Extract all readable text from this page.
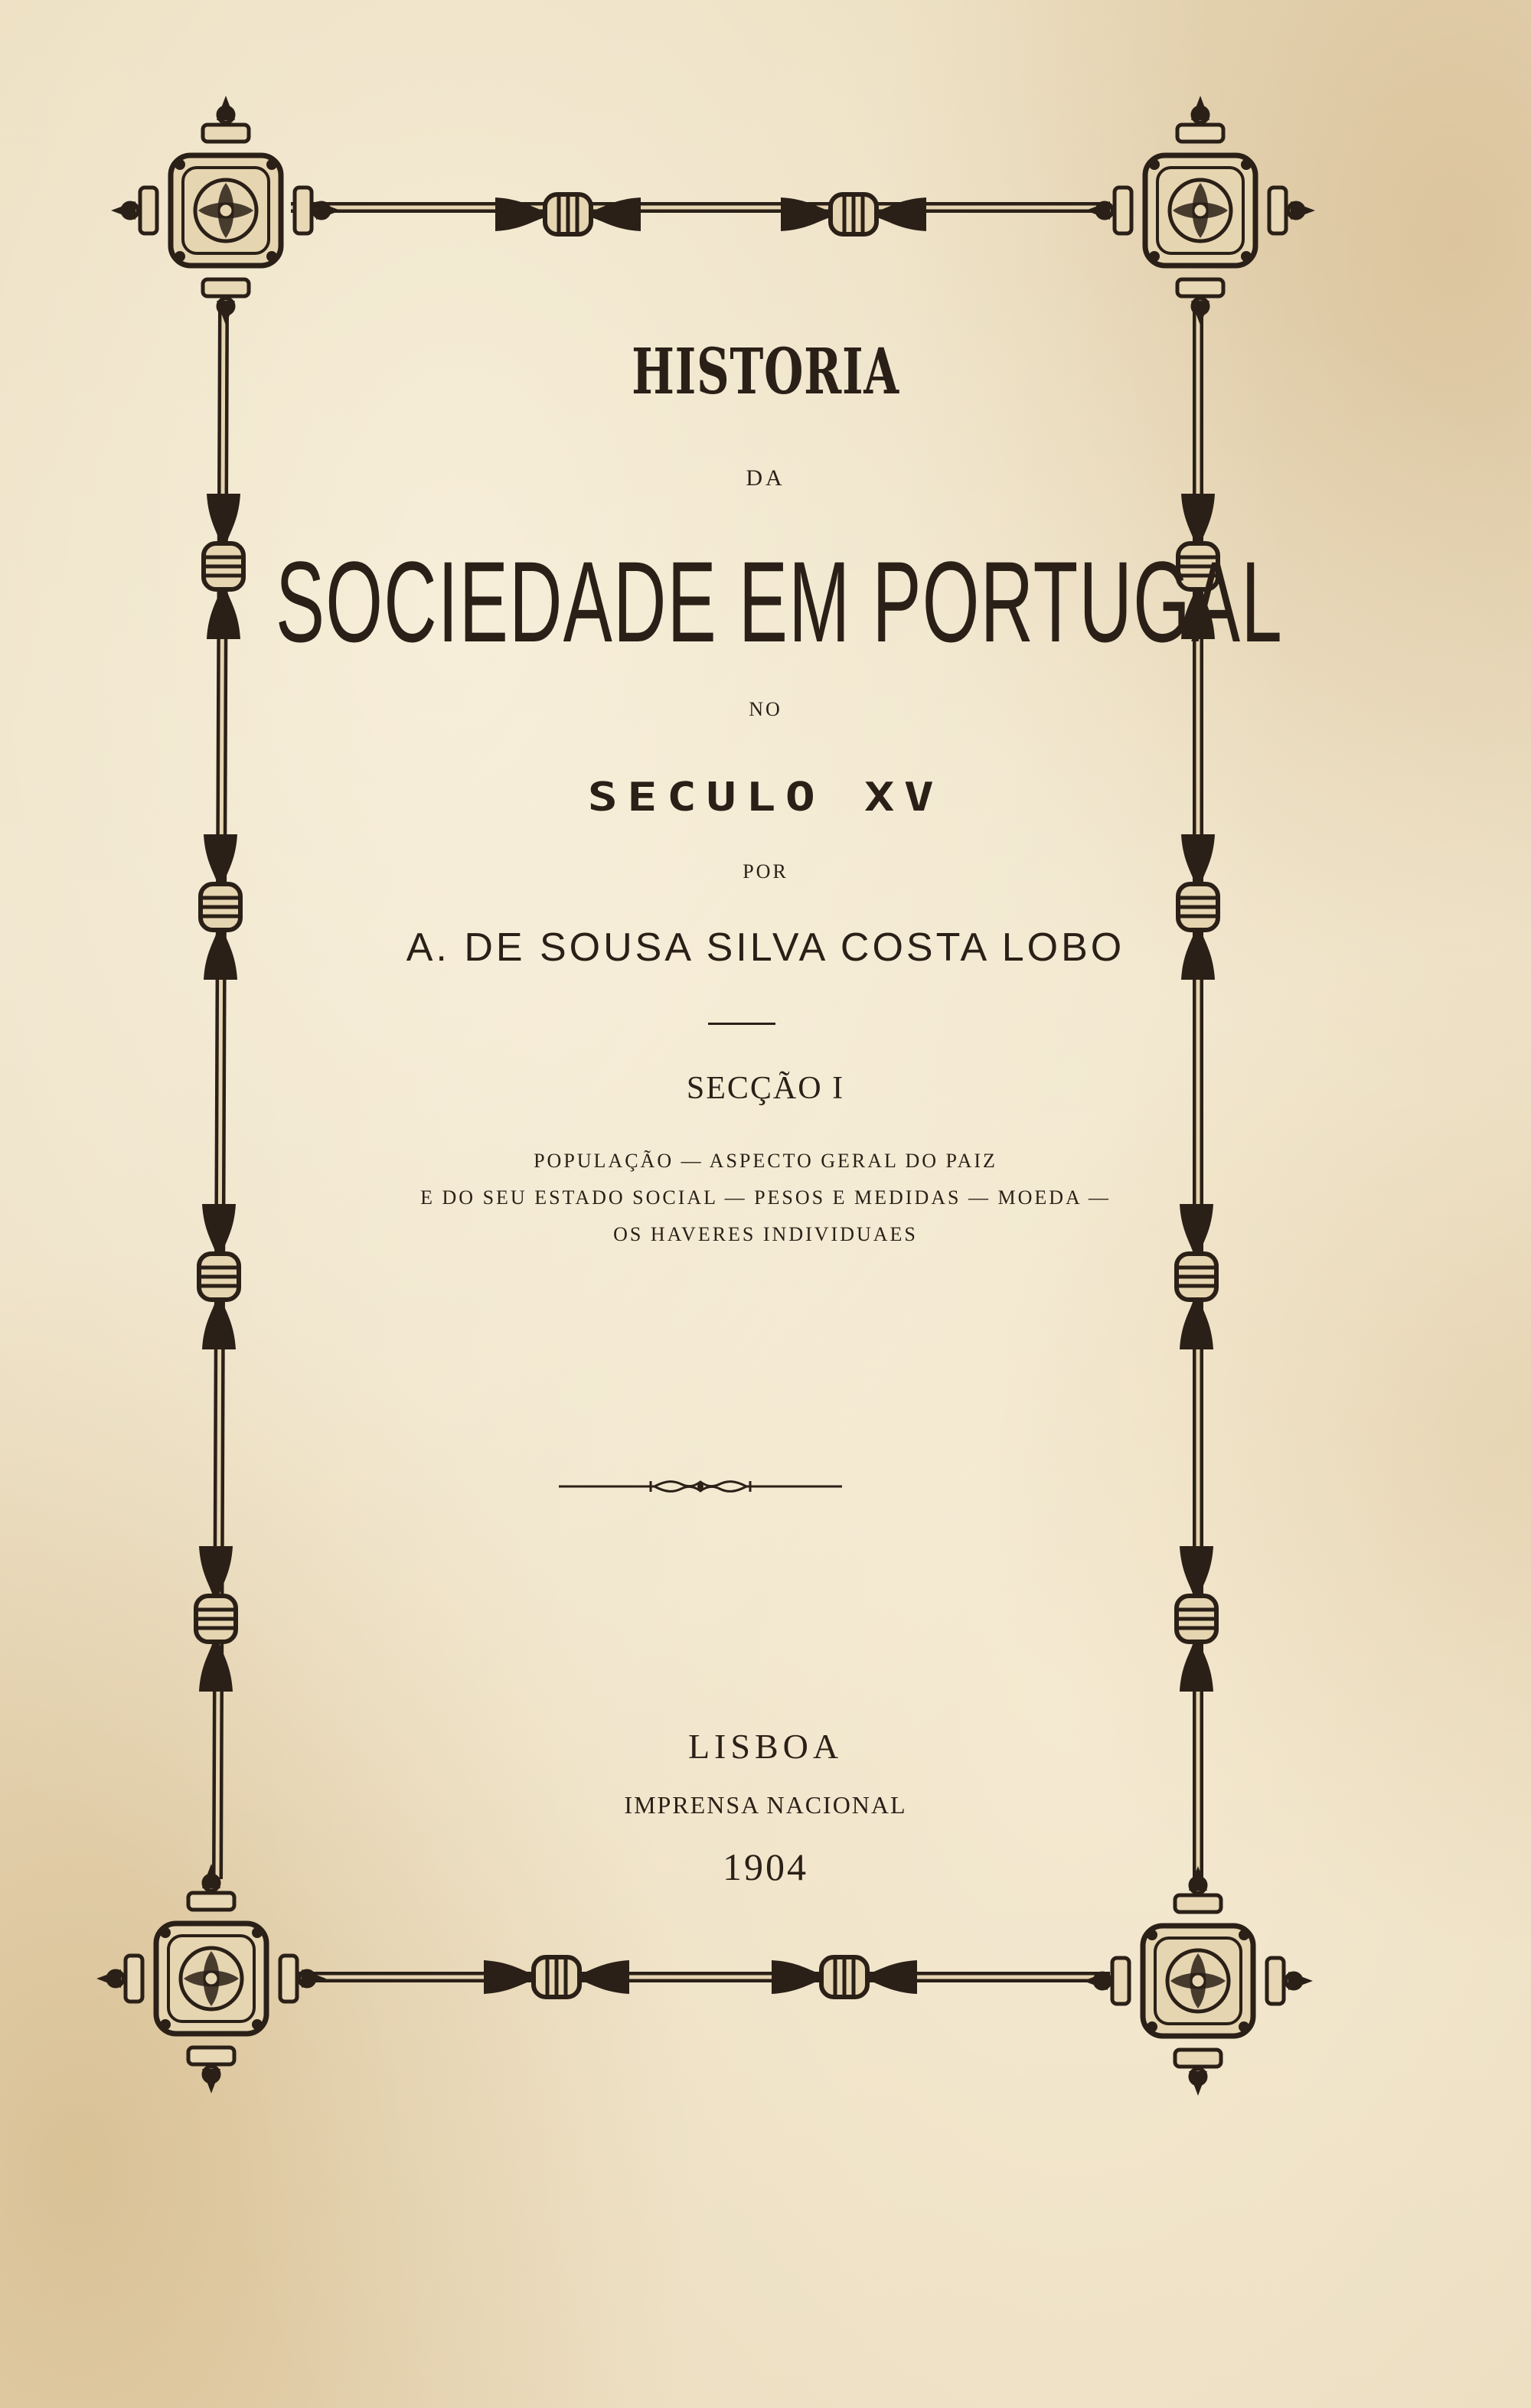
HISTORIA
DA
SOCIEDADE EM PORTUGAL
NO
SECULO XV
POR
A. DE SOUSA SILVA COSTA LOBO
SECÇÃO I
POPULAÇÃO — ASPECTO GERAL DO PAIZ
E DO SEU ESTADO SOCIAL — PESOS E MEDIDAS — MOEDA —
OS HAVERES INDIVIDUAES
LISBOA
IMPRENSA NACIONAL
1904
